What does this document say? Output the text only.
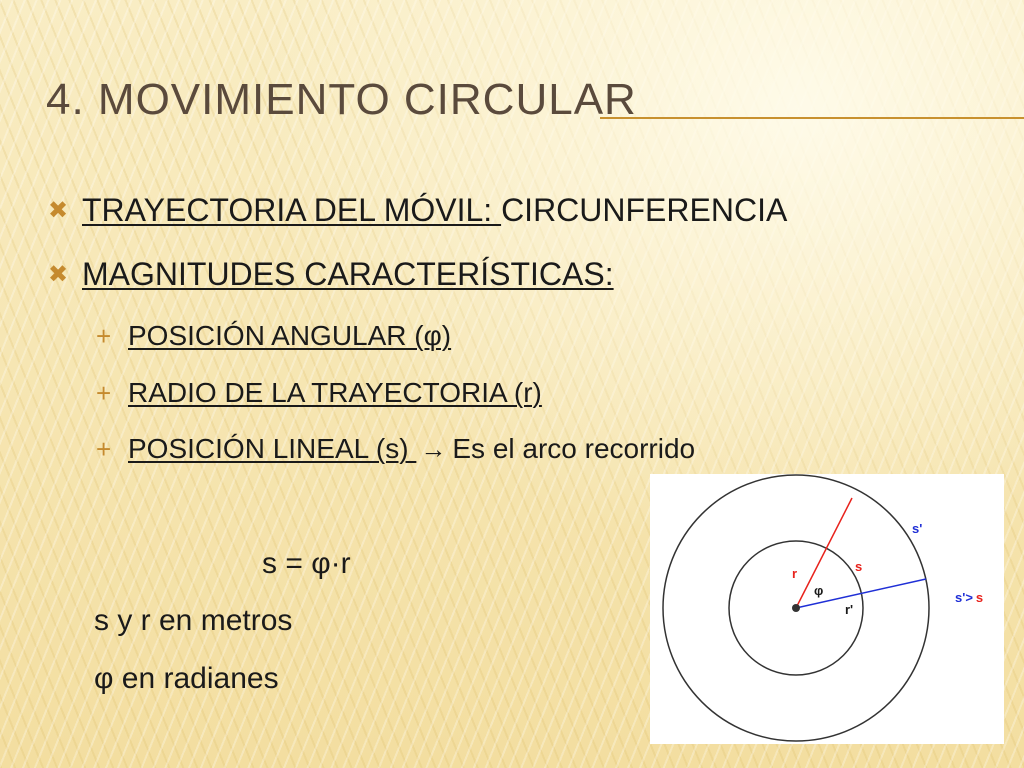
4. MOVIMIENTO CIRCULAR
✖ TRAYECTORIA DEL MÓVIL: CIRCUNFERENCIA
✖ MAGNITUDES CARACTERÍSTICAS:
+ POSICIÓN ANGULAR (φ)
+ RADIO DE LA TRAYECTORIA (r)
+ POSICIÓN LINEAL (s) → Es el arco recorrido
s = φ·r
s y r en metros
φ en radianes
r
φ
s
r'
s'
s'> s
